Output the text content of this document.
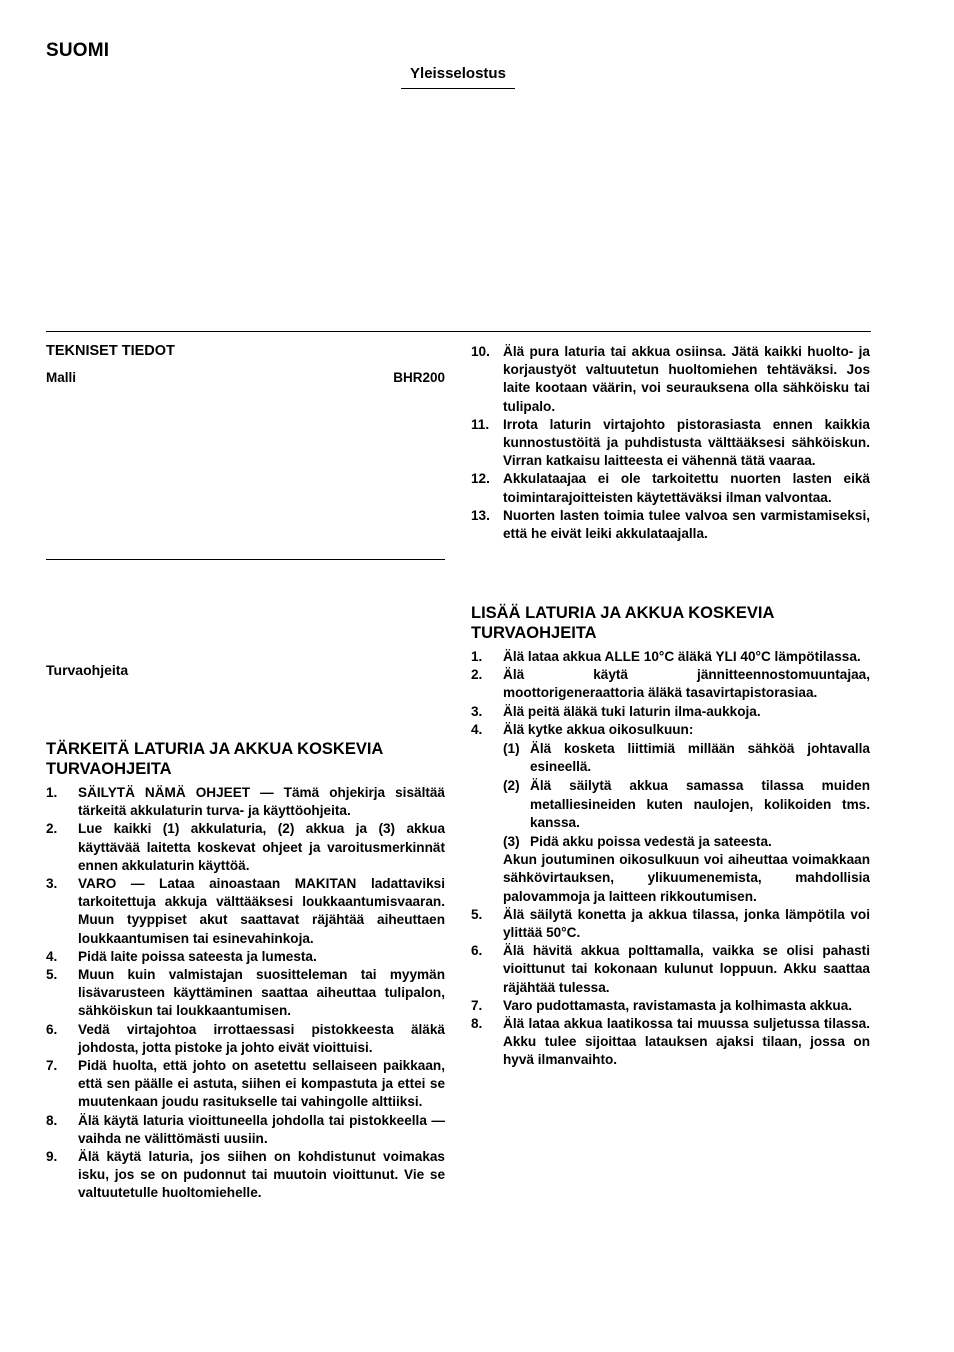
SUOMI
Yleisselostus
TEKNISET TIEDOT
Malli	BHR200
Turvaohjeita
TÄRKEITÄ LATURIA JA AKKUA KOSKEVIA TURVAOHJEITA
1.	SÄILYTÄ NÄMÄ OHJEET — Tämä ohjekirja sisältää tärkeitä akkulaturin turva- ja käyttöohjeita.
2.	Lue kaikki (1) akkulaturia, (2) akkua ja (3) akkua käyttävää laitetta koskevat ohjeet ja varoitusmerkinnät ennen akkulaturin käyttöä.
3.	VARO — Lataa ainoastaan MAKITAN ladattaviksi tarkoitettuja akkuja välttääksesi loukkaantumisvaaran. Muun tyyppiset akut saattavat räjähtää aiheuttaen loukkaantumisen tai esinevahinkoja.
4.	Pidä laite poissa sateesta ja lumesta.
5.	Muun kuin valmistajan suositteleman tai myymän lisävarusteen käyttäminen saattaa aiheuttaa tulipalon, sähköiskun tai loukkaantumisen.
6.	Vedä virtajohtoa irrottaessasi pistokkeesta äläkä johdosta, jotta pistoke ja johto eivät vioittuisi.
7.	Pidä huolta, että johto on asetettu sellaiseen paikkaan, että sen päälle ei astuta, siihen ei kompastuta ja ettei se muutenkaan joudu rasitukselle tai vahingolle alttiiksi.
8.	Älä käytä laturia vioittuneella johdolla tai pistokkeella — vaihda ne välittömästi uusiin.
9.	Älä käytä laturia, jos siihen on kohdistunut voimakas isku, jos se on pudonnut tai muutoin vioittunut. Vie se valtuutetulle huoltomiehelle.
10. Älä pura laturia tai akkua osiinsa. Jätä kaikki huolto- ja korjaustyöt valtuutetun huoltomiehen tehtäväksi. Jos laite kootaan väärin, voi seurauksena olla sähköisku tai tulipalo.
11.	Irrota laturin virtajohto pistorasiasta ennen kaikkia kunnostustöitä ja puhdistusta välttääksesi sähköiskun. Virran katkaisu laitteesta ei vähennä tätä vaaraa.
12. Akkulataajaa ei ole tarkoitettu nuorten lasten eikä toimintarajoitteisten käytettäväksi ilman valvontaa.
13. Nuorten lasten toimia tulee valvoa sen varmistamiseksi, että he eivät leiki akkulataajalla.
LISÄÄ LATURIA JA AKKUA KOSKEVIA TURVAOHJEITA
1.	Älä lataa akkua ALLE 10°C äläkä YLI 40°C lämpötilassa.
2.	Älä käytä jännitteennostomuuntajaa, moottorigeneraattoria äläkä tasavirtapistorasiaa.
3.	Älä peitä äläkä tuki laturin ilma-aukkoja.
4.	Älä kytke akkua oikosulkuun:
(1) Älä kosketa liittimiä millään sähköä johtavalla esineellä.
(2) Älä säilytä akkua samassa tilassa muiden metalliesineiden kuten naulojen, kolikoiden tms. kanssa.
(3) Pidä akku poissa vedestä ja sateesta.
Akun joutuminen oikosulkuun voi aiheuttaa voimakkaan sähkövirtauksen, ylikuumenemista, mahdollisia palovammoja ja laitteen rikkoutumisen.
5.	Älä säilytä konetta ja akkua tilassa, jonka lämpötila voi ylittää 50°C.
6.	Älä hävitä akkua polttamalla, vaikka se olisi pahasti vioittunut tai kokonaan kulunut loppuun. Akku saattaa räjähtää tulessa.
7.	Varo pudottamasta, ravistamasta ja kolhimasta akkua.
8.	Älä lataa akkua laatikossa tai muussa suljetussa tilassa. Akku tulee sijoittaa latauksen ajaksi tilaan, jossa on hyvä ilmanvaihto.
